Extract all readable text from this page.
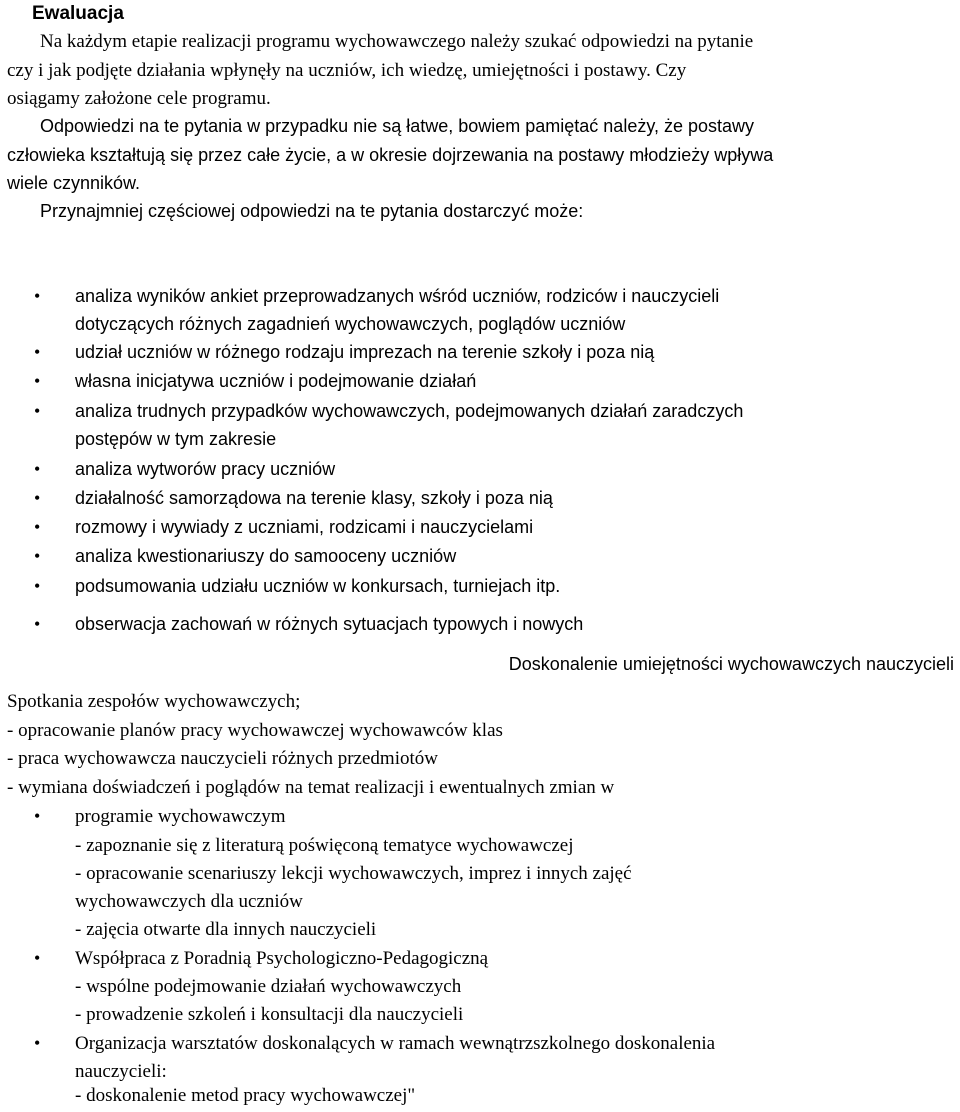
Ewaluacja
Na każdym etapie realizacji programu wychowawczego należy szukać odpowiedzi na pytanie
czy i jak podjęte działania wpłynęły na uczniów, ich wiedzę, umiejętności i postawy. Czy
osiągamy założone cele programu.
Odpowiedzi na te pytania w przypadku nie są łatwe, bowiem pamiętać należy, że postawy
człowieka kształtują się przez całe życie, a w okresie dojrzewania na postawy młodzieży wpływa
wiele czynników.
Przynajmniej częściowej odpowiedzi na te pytania dostarczyć może:
• analiza wyników ankiet przeprowadzanych wśród uczniów, rodziców i nauczycieli
dotyczących różnych zagadnień wychowawczych, poglądów uczniów
• udział uczniów w różnego rodzaju imprezach na terenie szkoły i poza nią
• własna inicjatywa uczniów i podejmowanie działań
• analiza trudnych przypadków wychowawczych, podejmowanych działań zaradczych
postępów w tym zakresie
• analiza wytworów pracy uczniów
• działalność samorządowa na terenie klasy, szkoły i poza nią
• rozmowy i wywiady z uczniami, rodzicami i nauczycielami
• analiza kwestionariuszy do samooceny uczniów
• podsumowania udziału uczniów w konkursach, turniejach itp.
• obserwacja zachowań w różnych sytuacjach typowych i nowych
Doskonalenie umiejętności wychowawczych nauczycieli
Spotkania zespołów wychowawczych;
- opracowanie planów pracy wychowawczej wychowawców klas
- praca wychowawcza nauczycieli różnych przedmiotów
- wymiana doświadczeń i poglądów na temat realizacji i ewentualnych zmian w
• programie wychowawczym
- zapoznanie się z literaturą poświęconą tematyce wychowawczej
- opracowanie scenariuszy lekcji wychowawczych, imprez i innych zajęć
wychowawczych dla uczniów
- zajęcia otwarte dla innych nauczycieli
• Współpraca z Poradnią Psychologiczno-Pedagogiczną
- wspólne podejmowanie działań wychowawczych
- prowadzenie szkoleń i konsultacji dla nauczycieli
• Organizacja warsztatów doskonalących w ramach wewnątrzszkolnego doskonalenia
nauczycieli:
- doskonalenie metod pracy wychowawczej"
